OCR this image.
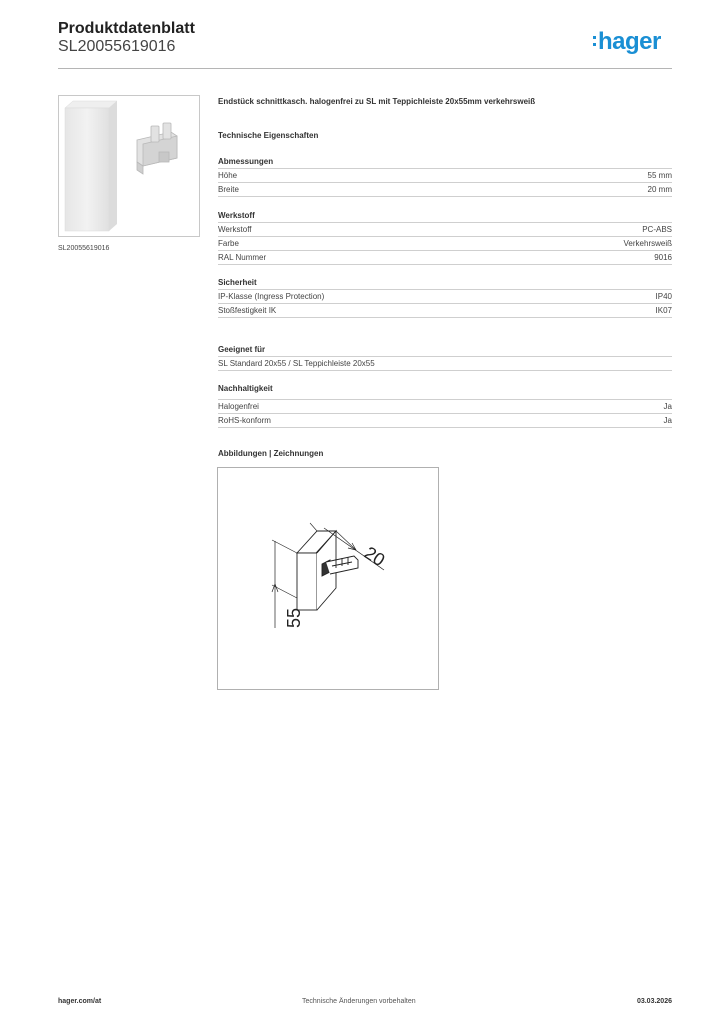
Produktdatenblatt
SL20055619016	hager
SL20055619016
Endstück schnittkasch. halogenfrei zu SL mit Teppichleiste 20x55mm verkehrsweiß
Technische Eigenschaften
Abmessungen
Höhe	55 mm
Breite	20 mm
Werkstoff
Werkstoff	PC-ABS
Farbe	Verkehrsweiß
RAL Nummer	9016
Sicherheit
IP-Klasse (Ingress Protection)	IP40
Stoßfestigkeit IK	IK07
Geeignet für
SL Standard 20x55 / SL Teppichleiste 20x55
Nachhaltigkeit
Halogenfrei	Ja
RoHS-konform	Ja
Abbildungen | Zeichnungen
55
20
hager.com/at	Technische Änderungen vorbehalten	03.03.2026
